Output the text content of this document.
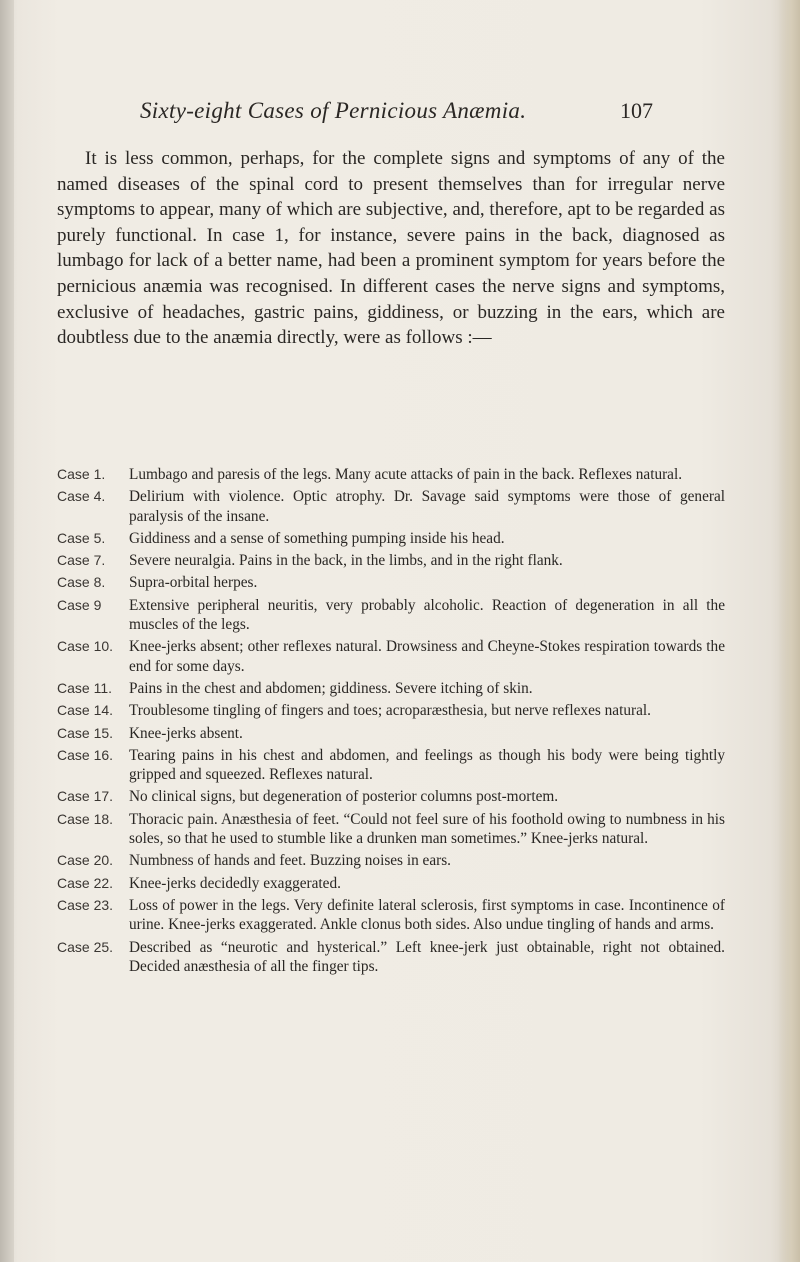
Sixty-eight Cases of Pernicious Anæmia.	107

It is less common, perhaps, for the complete signs and symptoms of any of the named diseases of the spinal cord to present themselves than for irregular nerve symptoms to appear, many of which are subjective, and, therefore, apt to be regarded as purely functional. In case 1, for instance, severe pains in the back, diagnosed as lumbago for lack of a better name, had been a prominent symptom for years before the pernicious anæmia was recognised. In different cases the nerve signs and symptoms, exclusive of headaches, gastric pains, giddiness, or buzzing in the ears, which are doubtless due to the anæmia directly, were as follows :—

Case 1.	Lumbago and paresis of the legs. Many acute attacks of pain in the back. Reflexes natural.
Case 4.	Delirium with violence. Optic atrophy. Dr. Savage said symptoms were those of general paralysis of the insane.
Case 5.	Giddiness and a sense of something pumping inside his head.
Case 7.	Severe neuralgia. Pains in the back, in the limbs, and in the right flank.
Case 8.	Supra-orbital herpes.
Case 9	Extensive peripheral neuritis, very probably alcoholic. Reaction of degeneration in all the muscles of the legs.
Case 10.	Knee-jerks absent; other reflexes natural. Drowsiness and Cheyne-Stokes respiration towards the end for some days.
Case 11.	Pains in the chest and abdomen; giddiness. Severe itching of skin.
Case 14.	Troublesome tingling of fingers and toes; acroparæsthesia, but nerve reflexes natural.
Case 15.	Knee-jerks absent.
Case 16.	Tearing pains in his chest and abdomen, and feelings as though his body were being tightly gripped and squeezed. Reflexes natural.
Case 17.	No clinical signs, but degeneration of posterior columns post-mortem.
Case 18.	Thoracic pain. Anæsthesia of feet. “Could not feel sure of his foothold owing to numbness in his soles, so that he used to stumble like a drunken man sometimes.” Knee-jerks natural.
Case 20.	Numbness of hands and feet. Buzzing noises in ears.
Case 22.	Knee-jerks decidedly exaggerated.
Case 23.	Loss of power in the legs. Very definite lateral sclerosis, first symptoms in case. Incontinence of urine. Knee-jerks exaggerated. Ankle clonus both sides. Also undue tingling of hands and arms.
Case 25.	Described as “neurotic and hysterical.” Left knee-jerk just obtainable, right not obtained. Decided anæsthesia of all the finger tips.
